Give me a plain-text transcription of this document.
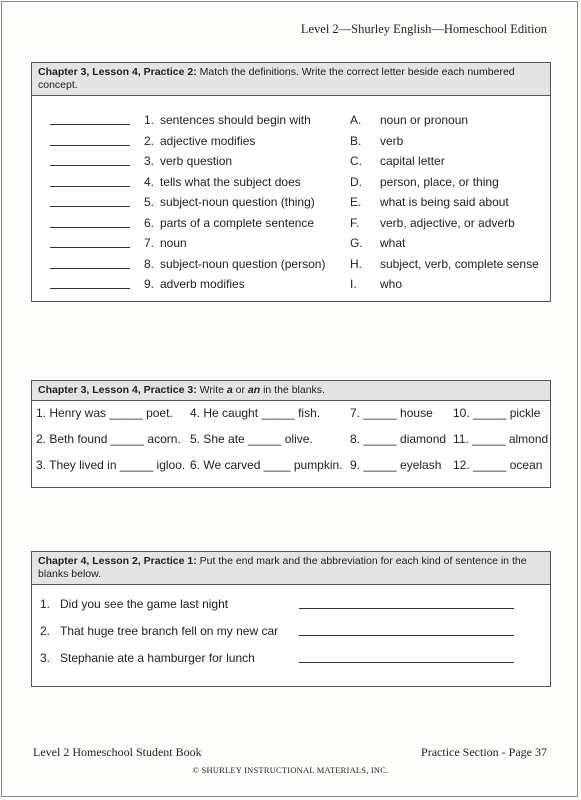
Level 2—Shurley English—Homeschool Edition
Chapter 3, Lesson 4, Practice 2: Match the definitions. Write the correct letter beside each numbered concept.
1. sentences should begin with	A.	noun or pronoun
2. adjective modifies	B.	verb
3. verb question	C.	capital letter
4. tells what the subject does	D.	person, place, or thing
5. subject-noun question (thing)	E.	what is being said about
6. parts of a complete sentence	F.	verb, adjective, or adverb
7. noun	G. what
8. subject-noun question (person) H.	subject, verb, complete sense
9. adverb modifies	I.	who
Chapter 3, Lesson 4, Practice 3: Write a or an in the blanks.
1. Henry was _____ poet. 4. He caught _____ fish. 7. _____ house 10. _____ pickle
2. Beth found _____ acorn. 5. She ate _____ olive.	8. _____ diamond 11. _____ almond
3. They lived in _____ igloo. 6. We carved ____ pumpkin. 9. _____ eyelash 12. _____ ocean
Chapter 4, Lesson 2, Practice 1: Put the end mark and the abbreviation for each kind of sentence in the blanks below.
1. Did you see the game last night
2. That huge tree branch fell on my new car
3. Stephanie ate a hamburger for lunch
Level 2 Homeschool Student Book	Practice Section - Page 37
© SHURLEY INSTRUCTIONAL MATERIALS, INC.
